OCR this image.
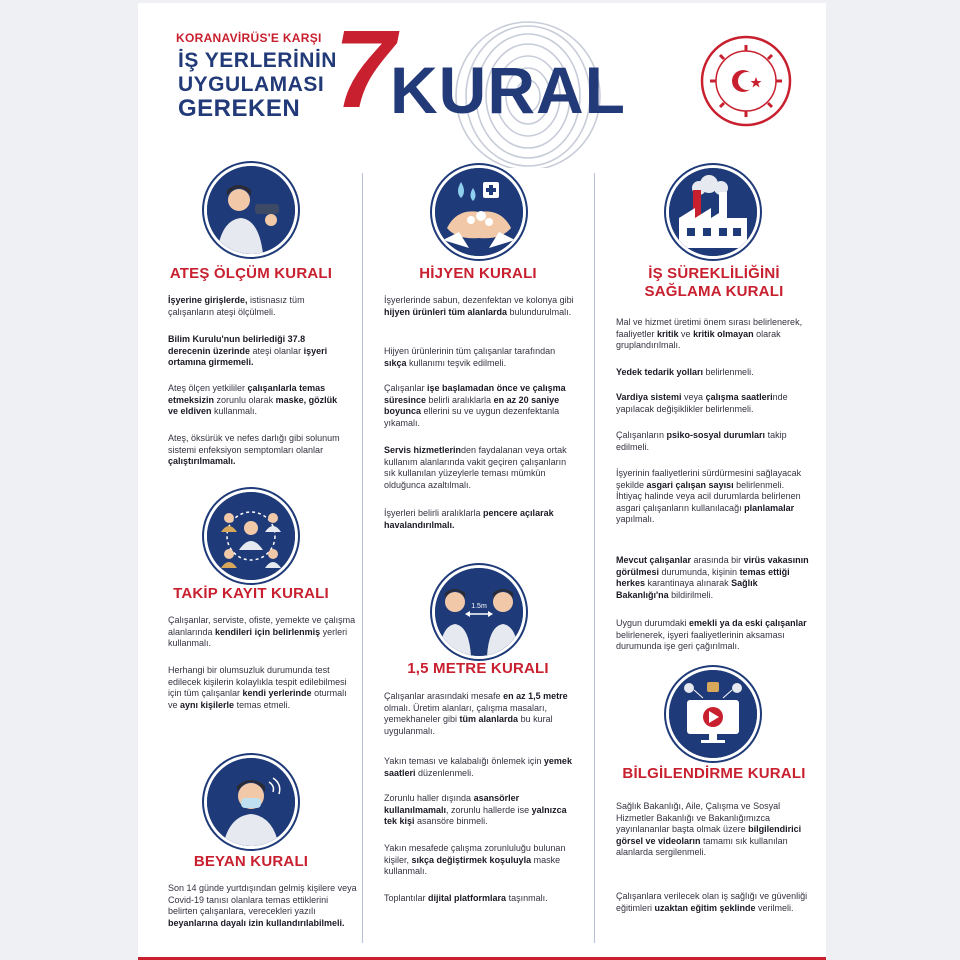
KORANAVİRÜS'E KARŞI
İŞ YERLERİNİN
UYGULAMASI
GEREKEN 7
KURAL
ATEŞ ÖLÇÜM KURALI
İşyerine girişlerde, istisnasız tüm çalışanların ateşi ölçülmeli.
Bilim Kurulu'nun belirlediği 37.8 derecenin üzerinde ateşi olanlar işyeri ortamına girmemeli.
Ateş ölçen yetkililer çalışanlarla temas etmeksizin zorunlu olarak maske, gözlük ve eldiven kullanmalı.
Ateş, öksürük ve nefes darlığı gibi solunum sistemi enfeksiyon semptomları olanlar çalıştırılmamalı.
TAKİP KAYIT KURALI
Çalışanlar, serviste, ofiste, yemekte ve çalışma alanlarında kendileri için belirlenmiş yerleri kullanmalı.
Herhangi bir olumsuzluk durumunda test edilecek kişilerin kolaylıkla tespit edilebilmesi için tüm çalışanlar kendi yerlerinde oturmalı ve aynı kişilerle temas etmeli.
BEYAN KURALI
Son 14 günde yurtdışından gelmiş kişilere veya Covid-19 tanısı olanlara temas ettiklerini belirten çalışanlara, verecekleri yazılı beyanlarına dayalı izin kullandırılabilmeli.
HİJYEN KURALI
İşyerlerinde sabun, dezenfektan ve kolonya gibi hijyen ürünleri tüm alanlarda bulundurulmalı.
Hijyen ürünlerinin tüm çalışanlar tarafından sıkça kullanımı teşvik edilmeli.
Çalışanlar işe başlamadan önce ve çalışma süresince belirli aralıklarla en az 20 saniye boyunca ellerini su ve uygun dezenfektanla yıkamalı.
Servis hizmetlerinden faydalanan veya ortak kullanım alanlarında vakit geçiren çalışanların sık kullanılan yüzeylerle teması mümkün olduğunca azaltılmalı.
İşyerleri belirli aralıklarla pencere açılarak havalandırılmalı.
1.5m
1,5 METRE KURALI
Çalışanlar arasındaki mesafe en az 1,5 metre olmalı. Üretim alanları, çalışma masaları, yemekhaneler gibi tüm alanlarda bu kural uygulanmalı.
Yakın teması ve kalabalığı önlemek için yemek saatleri düzenlenmeli.
Zorunlu haller dışında asansörler kullanılmamalı, zorunlu hallerde ise yalnızca tek kişi asansöre binmeli.
Yakın mesafede çalışma zorunluluğu bulunan kişiler, sıkça değiştirmek koşuluyla maske kullanmalı.
Toplantılar dijital platformlara taşınmalı.
İŞ SÜREKLİLİĞİNİ
SAĞLAMA KURALI
Mal ve hizmet üretimi önem sırası belirlenerek, faaliyetler kritik ve kritik olmayan olarak gruplandırılmalı.
Yedek tedarik yolları belirlenmeli.
Vardiya sistemi veya çalışma saatlerinde yapılacak değişiklikler belirlenmeli.
Çalışanların psiko-sosyal durumları takip edilmeli.
İşyerinin faaliyetlerini sürdürmesini sağlayacak şekilde asgari çalışan sayısı belirlenmeli. İhtiyaç halinde veya acil durumlarda belirlenen asgari çalışanların kullanılacağı planlamalar yapılmalı.
Mevcut çalışanlar arasında bir virüs vakasının görülmesi durumunda, kişinin temas ettiği herkes karantinaya alınarak Sağlık Bakanlığı'na bildirilmeli.
Uygun durumdaki emekli ya da eski çalışanlar belirlenerek, işyeri faaliyetlerinin aksaması durumunda işe geri çağırılmalı.
BİLGİLENDİRME KURALI
Sağlık Bakanlığı, Aile, Çalışma ve Sosyal Hizmetler Bakanlığı ve Bakanlığımızca yayınlananlar başta olmak üzere bilgilendirici görsel ve videoların tamamı sık kullanılan alanlarda sergilenmeli.
Çalışanlara verilecek olan iş sağlığı ve güvenliği eğitimleri uzaktan eğitim şeklinde verilmeli.
